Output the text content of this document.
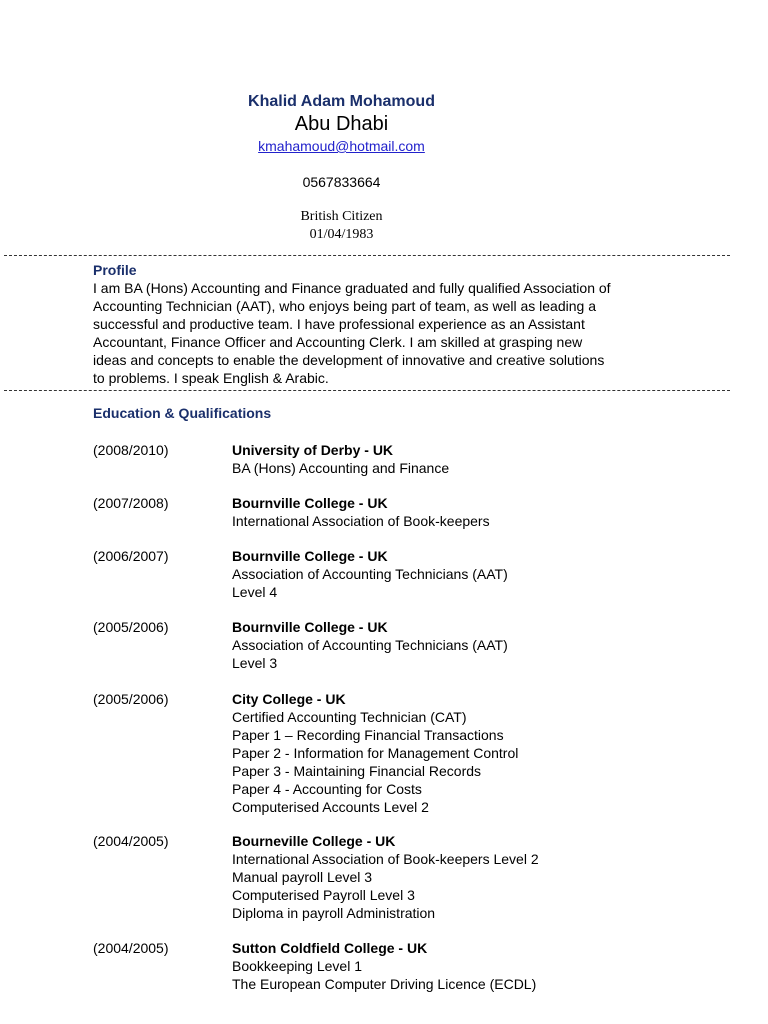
Khalid Adam Mohamoud
Abu Dhabi
kmahamoud@hotmail.com
0567833664
British Citizen
01/04/1983
Profile
I am BA (Hons) Accounting and Finance graduated and fully qualified Association of
Accounting Technician (AAT), who enjoys being part of team, as well as leading a
successful and productive team. I have professional experience as an Assistant
Accountant, Finance Officer and Accounting Clerk. I am skilled at grasping new
ideas and concepts to enable the development of innovative and creative solutions
to problems. I speak English & Arabic.
Education & Qualifications
(2008/2010)	University of Derby - UK
BA (Hons) Accounting and Finance
(2007/2008)	Bournville College - UK
International Association of Book-keepers
(2006/2007)	Bournville College - UK
Association of Accounting Technicians (AAT)
Level 4
(2005/2006)	Bournville College - UK
Association of Accounting Technicians (AAT)
Level 3
(2005/2006)	City College - UK
Certified Accounting Technician (CAT)
Paper 1 – Recording Financial Transactions
Paper 2 - Information for Management Control
Paper 3 - Maintaining Financial Records
Paper 4 - Accounting for Costs
Computerised Accounts Level 2
(2004/2005)	Bourneville College - UK
International Association of Book-keepers Level 2
Manual payroll Level 3
Computerised Payroll Level 3
Diploma in payroll Administration
(2004/2005)	Sutton Coldfield College - UK
Bookkeeping Level 1
The European Computer Driving Licence (ECDL)
